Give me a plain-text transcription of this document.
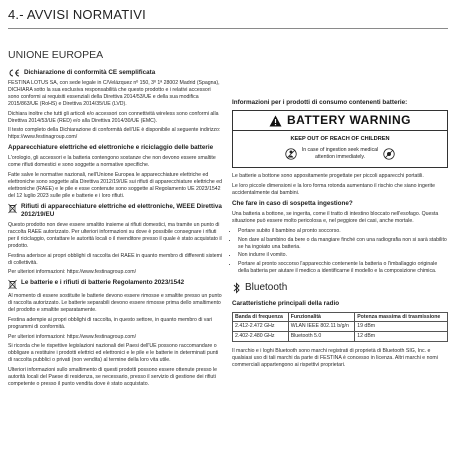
4.- AVVISI NORMATIVI
UNIONE EUROPEA
Dichiarazione di conformità CE semplificata

FESTINA LOTUS SA, con sede legale in C/Velázquez nº 150, 3º 1ª 28002 Madrid (Spagna), DICHIARA sotto la sua esclusiva responsabilità che questo prodotto e i relativi accessori sono conformi ai requisiti essenziali della Direttiva 2014/53/UE e della sua modifica 2015/863/UE (RoHS) e Direttiva 2014/35/UE (LVD).

Dichiara inoltre che tutti gli articoli e/o accessori con connettività wireless sono conformi alla Direttiva 2014/53/UE (RED) e/o alla Direttiva 2014/30/UE (EMC).

Il testo completo della Dichiarazione di conformità dell'UE è disponibile al seguente indirizzo: https://www.festinagroup.com/

Apparecchiature elettriche ed elettroniche e riciclaggio delle batterie

L'orologio, gli accessori e la batteria contengono sostanze che non devono essere smaltite come rifiuti domestici e sono soggette a normative specifiche.

Fatte salve le normative nazionali, nell'Unione Europea le apparecchiature elettriche ed elettroniche sono soggette alla Direttiva 2012/19/UE sui rifiuti di apparecchiature elettriche ed elettroniche (RAEE) e le pile e esse contenute sono soggette al Regolamento UE 2023/1542 del 12 luglio 2023 sulle pile e batterie e i loro rifiuti.

Rifiuti di apparecchiature elettriche ed elettroniche, WEEE Direttiva 2012/19/EU

Questo prodotto non deve essere smaltito insieme ai rifiuti domestici, ma tramite un punto di raccolta RAEE autorizzato. Per ulteriori informazioni su dove è possibile consegnare i rifiuti per il riciclaggio, contattare le autorità locali o il rivenditore presso il quale è stato acquistato il prodotto.

Festina aderisce ai propri obblighi di raccolta dei RAEE in quanto membro di differenti sistemi di collettività.

Per ulteriori informazioni: https://www.festinagroup.com/

Le batterie e i rifiuti di batterie Regolamento 2023/1542

Al momento di essere sostituite le batterie devono essere rimosse e smaltite presso un punto di raccolta autorizzato. Le batterie separabili devono essere rimosse prima dello smaltimento del prodotto e smaltite separatamente.

Festina adempie ai propri obblighi di raccolta, in questo settore, in quanto membro di vari programmi di conformità.

Per ulteriori informazioni: https://www.festinagroup.com/

Si ricorda che le rispettive legislazioni nazionali dei Paesi dell'UE possono raccomandare o obbligare a restituire i prodotti elettrici ed elettronici e le pile e le batterie in determinati punti di raccolta pubblici o privati (non vendita) al termine della loro vita utile.

Ulteriori informazioni sullo smaltimento di questi prodotti possono essere ottenute presso le autorità locali del Paese di residenza, se necessario, presso il servizio di gestione dei rifiuti competente o presso il punto vendita dove è stato acquistato.

Informazioni per i prodotti di consumo contenenti batterie:
BATTERY WARNING
KEEP OUT OF REACH OF CHILDREN
In case of ingestion seek medical
attention immediately.

Le batterie a bottone sono appositamente progettate per piccoli apparecchi portatili.

Le loro piccole dimensioni e la loro forma rotonda aumentano il rischio che siano ingerite accidentalmente dai bambini.

Che fare in caso di sospetta ingestione?

Una batteria a bottone, se ingerita, come il tratto di intestino bloccato nell'esofago. Questa situazione può essere molto pericolosa e, nel peggiore dei casi, anche mortale.

• Portare subito il bambino al pronto soccorso.
• Non dare al bambino da bere o da mangiare finché con una radiografia non si sarà stabilito se ha ingoiato una batteria.
• Non indurre il vomito.
• Portare al pronto soccorso l'apparecchio contenente la batteria o l'imballaggio originale della batteria per aiutare il medico a identificarne il modello e la composizione chimica.
Bluetooth
Caratteristiche principali della radio
Banda di frequenza	Funzionalità	Potenza massima di trasmissione
2.412-2.472 GHz	WLAN IEEE 802.11 b/g/n	19 dBm
2.402-2.480 GHz	Bluetooth 5.0	12 dBm

Il marchio e i loghi Bluetooth sono marchi registrati di proprietà di Bluetooth SIG, Inc. e qualsiasi uso di tali marchi da parte di FESTINA è concesso in licenza. Altri marchi e nomi commerciali appartengono ai rispettivi proprietari.
